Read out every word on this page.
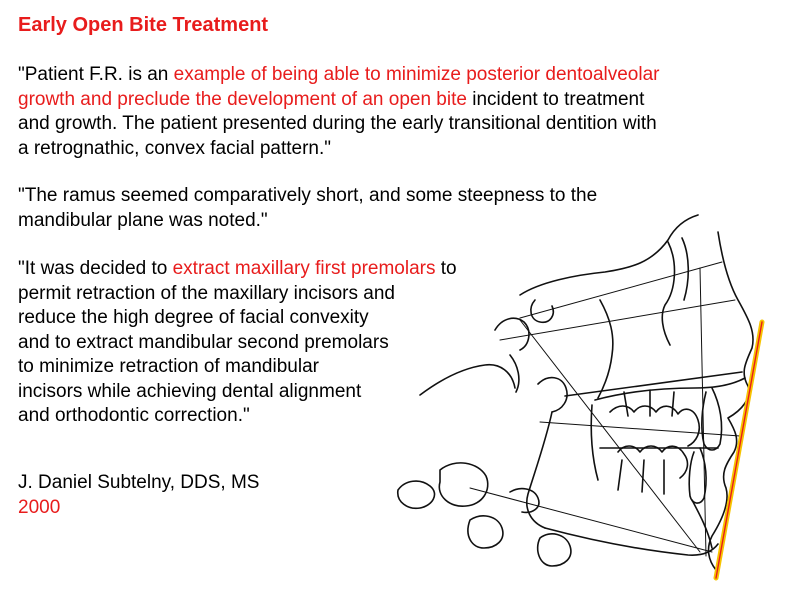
Early Open Bite Treatment
"Patient F.R. is an example of being able to minimize posterior dentoalveolar
growth and preclude the development of an open bite incident to treatment
and growth. The patient presented during the early transitional dentition with
a retrognathic, convex facial pattern."
"The ramus seemed comparatively short, and some steepness to the
mandibular plane was noted."
"It was decided to extract maxillary first premolars to
permit retraction of the maxillary incisors and
reduce the high degree of facial convexity
and to extract mandibular second premolars
to minimize retraction of mandibular
incisors while achieving dental alignment
and orthodontic correction."
J. Daniel Subtelny, DDS, MS
2000
